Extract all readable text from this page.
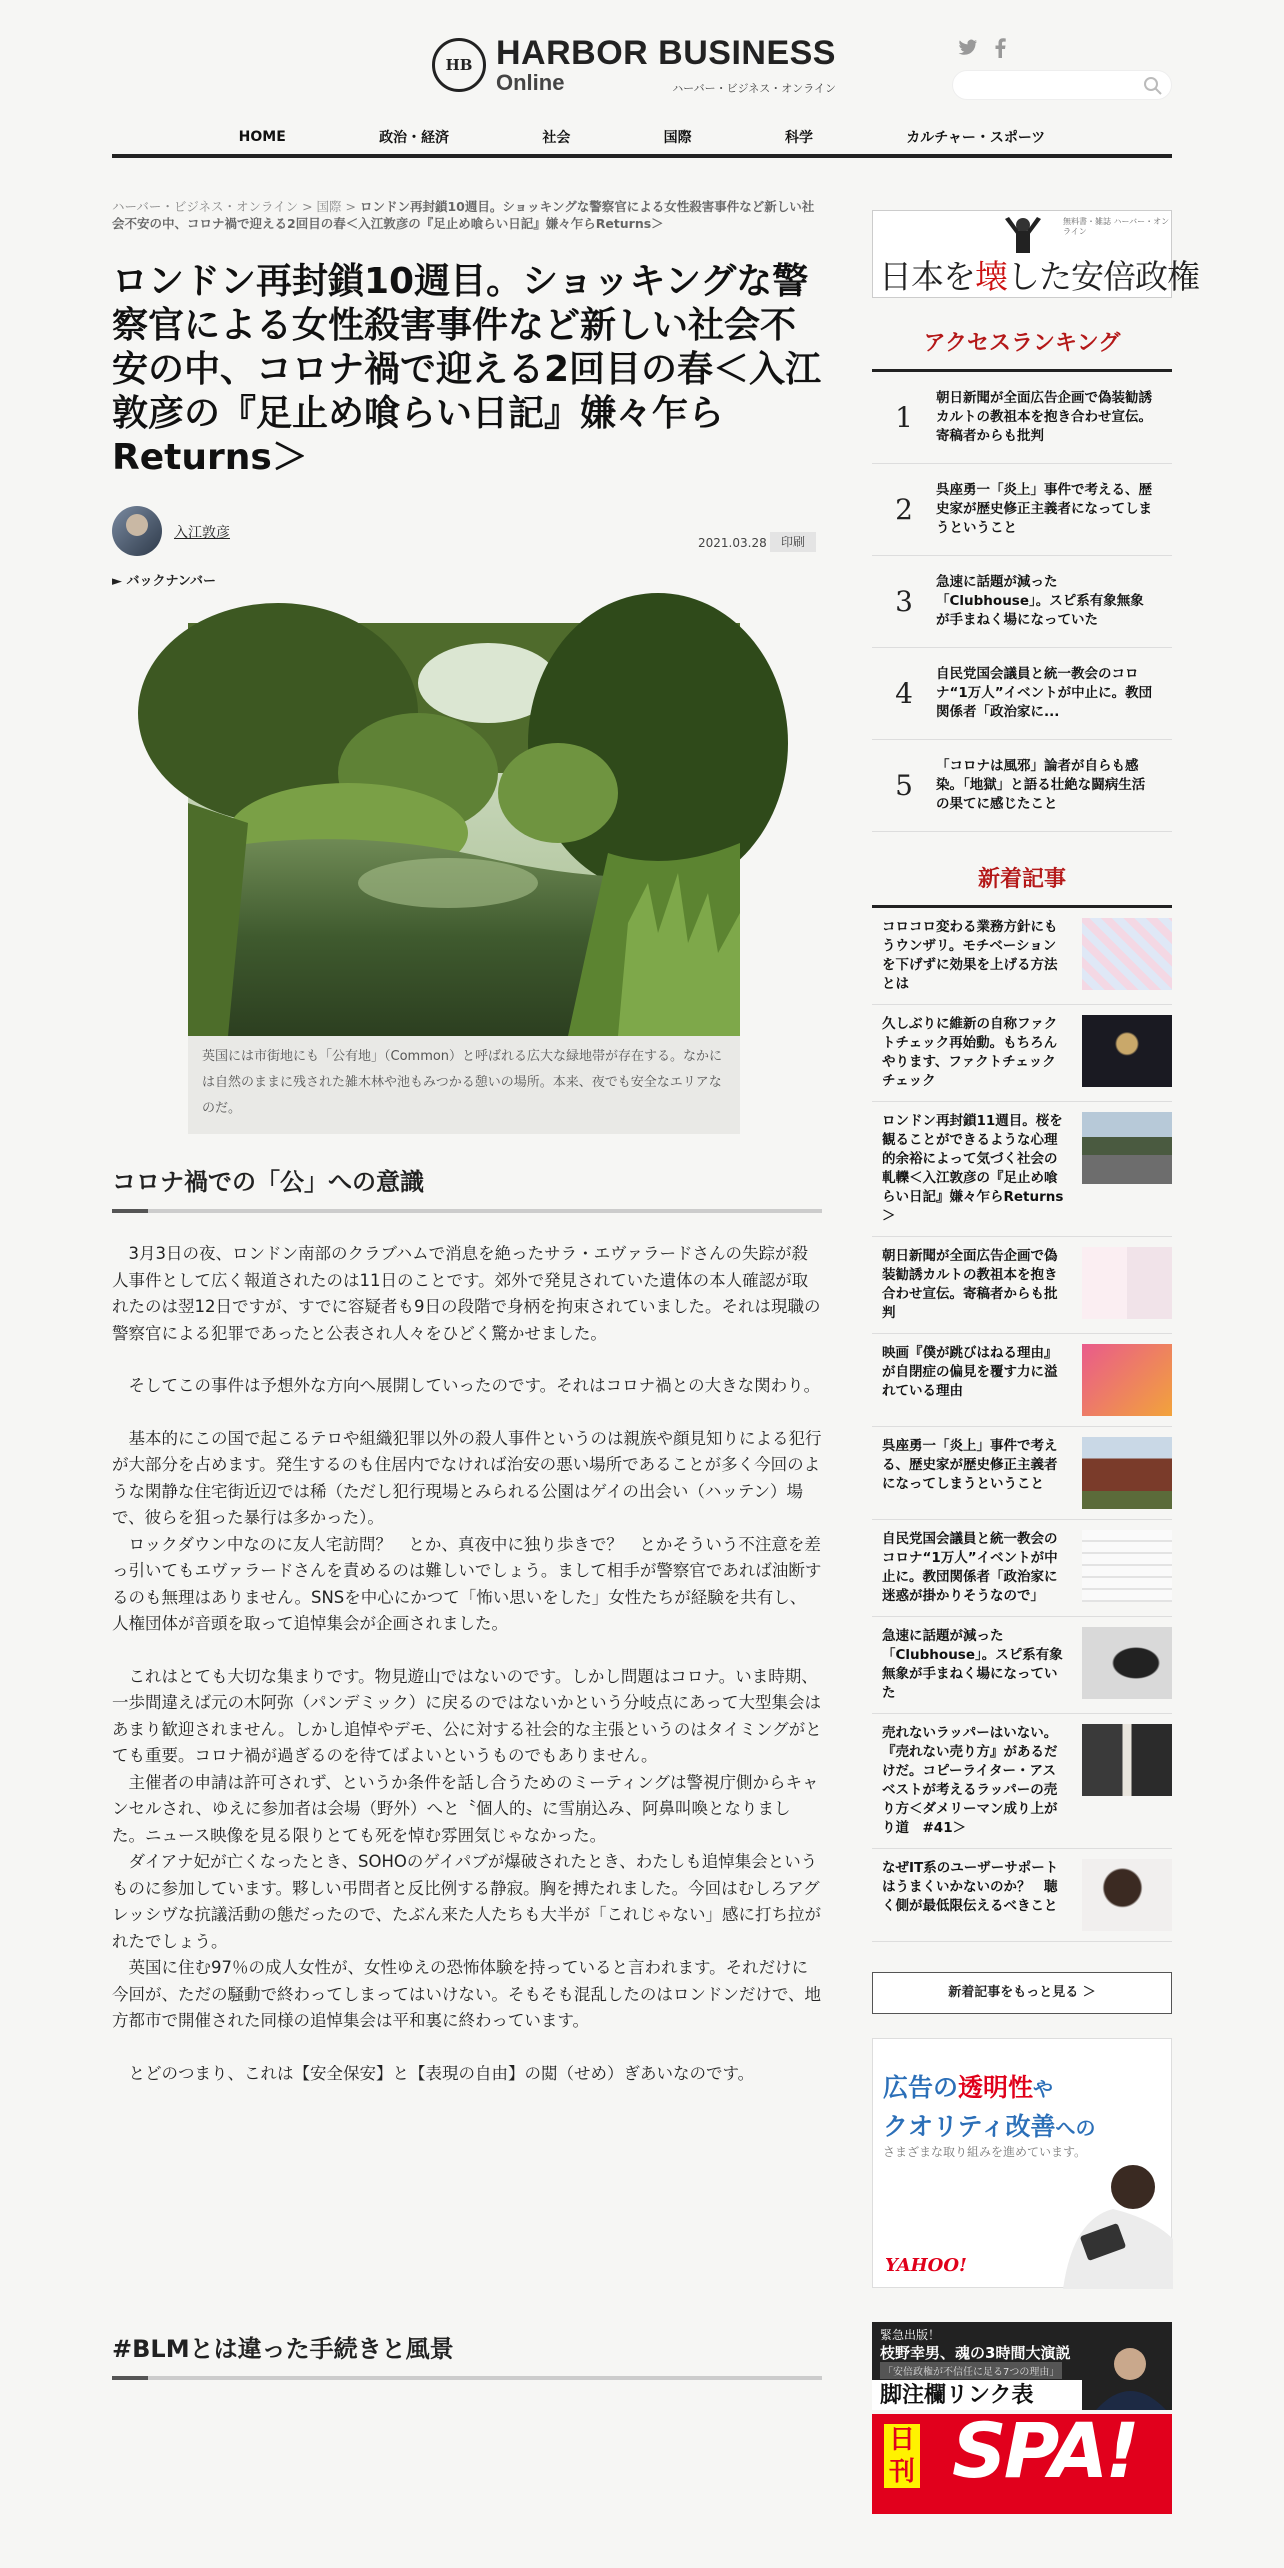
HB HARBOR BUSINESS
Online	ハーバー・ビジネス・オンライン
HOME	政治・経済	社会	国際	科学	カルチャー・スポーツ
ハーバー・ビジネス・オンライン > 国際 > ロンドン再封鎖10週目。ショッキングな警察官による女性殺害事件など新しい社会不安の中、コロナ禍で迎える2回目の春＜入江敦彦の『足止め喰らい日記』嫌々乍らReturns＞
ロンドン再封鎖10週目。ショッキングな警察官による女性殺害事件など新しい社会不安の中、コロナ禍で迎える2回目の春＜入江敦彦の『足止め喰らい日記』嫌々乍らReturns＞
入江敦彦
2021.03.28	印刷
► バックナンバー
英国には市街地にも「公有地」（Common）と呼ばれる広大な緑地帯が存在する。なかには自然のままに残された雑木林や池もみつかる憩いの場所。本来、夜でも安全なエリアなのだ。
コロナ禍での「公」への意識

3月3日の夜、ロンドン南部のクラブハムで消息を絶ったサラ・エヴァラードさんの失踪が殺人事件として広く報道されたのは11日のことです。郊外で発見されていた遺体の本人確認が取れたのは翌12日ですが、すでに容疑者も9日の段階で身柄を拘束されていました。それは現職の警察官による犯罪であったと公表され人々をひどく驚かせました。

そしてこの事件は予想外な方向へ展開していったのです。それはコロナ禍との大きな関わり。

基本的にこの国で起こるテロや組織犯罪以外の殺人事件というのは親族や顔見知りによる犯行が大部分を占めます。発生するのも住居内でなければ治安の悪い場所であることが多く今回のような閑静な住宅街近辺では稀（ただし犯行現場とみられる公園はゲイの出会い（ハッテン）場で、彼らを狙った暴行は多かった）。

ロックダウン中なのに友人宅訪問？　とか、真夜中に独り歩きで？　とかそういう不注意を差っ引いてもエヴァラードさんを責めるのは難しいでしょう。まして相手が警察官であれば油断するのも無理はありません。SNSを中心にかつて「怖い思いをした」女性たちが経験を共有し、人権団体が音頭を取って追悼集会が企画されました。

これはとても大切な集まりです。物見遊山ではないのです。しかし問題はコロナ。いま時期、一歩間違えば元の木阿弥（パンデミック）に戻るのではないかという分岐点にあって大型集会はあまり歓迎されません。しかし追悼やデモ、公に対する社会的な主張というのはタイミングがとても重要。コロナ禍が過ぎるのを待てばよいというものでもありません。

主催者の申請は許可されず、というか条件を話し合うためのミーティングは警視庁側からキャンセルされ、ゆえに参加者は会場（野外）へと〝個人的〟に雪崩込み、阿鼻叫喚となりました。ニュース映像を見る限りとても死を悼む雰囲気じゃなかった。

ダイアナ妃が亡くなったとき、SOHOのゲイパブが爆破されたとき、わたしも追悼集会というものに参加しています。夥しい弔問者と反比例する静寂。胸を搏たれました。今回はむしろアグレッシヴな抗議活動の態だったので、たぶん来た人たちも大半が「これじゃない」感に打ち拉がれたでしょう。

英国に住む97％の成人女性が、女性ゆえの恐怖体験を持っていると言われます。それだけに今回が、ただの騒動で終わってしまってはいけない。そもそも混乱したのはロンドンだけで、地方都市で開催された同様の追悼集会は平和裏に終わっています。

とどのつまり、これは【安全保安】と【表現の自由】の閲（せめ）ぎあいなのです。

#BLMとは違った手続きと風景
無料書・雑誌 ハーバー・オンライン
日本を壊した安倍政権
アクセスランキング
1
朝日新聞が全面広告企画で偽装勧誘カルトの教祖本を抱き合わせ宣伝。寄稿者からも批判
2
呉座勇一「炎上」事件で考える、歴史家が歴史修正主義者になってしまうということ
3
急速に話題が減った「Clubhouse」。スピ系有象無象が手まねく場になっていた
4
自民党国会議員と統一教会のコロナ“1万人”イベントが中止に。教団関係者「政治家に...
5
「コロナは風邪」論者が自らも感染。「地獄」と語る壮絶な闘病生活の果てに感じたこと
新着記事
コロコロ変わる業務方針にもうウンザリ。モチベーションを下げずに効果を上げる方法とは
久しぶりに維新の自称ファクトチェック再始動。もちろんやります、ファクトチェックチェック
ロンドン再封鎖11週目。桜を観ることができるような心理的余裕によって気づく社会の軋轢＜入江敦彦の『足止め喰らい日記』嫌々乍らReturns＞
朝日新聞が全面広告企画で偽装勧誘カルトの教祖本を抱き合わせ宣伝。寄稿者からも批判
映画『僕が跳びはねる理由』が自閉症の偏見を覆す力に溢れている理由
呉座勇一「炎上」事件で考える、歴史家が歴史修正主義者になってしまうということ
自民党国会議員と統一教会のコロナ“1万人”イベントが中止に。教団関係者「政治家に迷惑が掛かりそうなので」
急速に話題が減った「Clubhouse」。スピ系有象無象が手まねく場になっていた
売れないラッパーはいない。『売れない売り方』があるだけだ。コピーライター・アスベストが考えるラッパーの売り方＜ダメリーマン成り上がり道　#41＞
なぜIT系のユーザーサポートはうまくいかないのか？　聴く側が最低限伝えるべきこと
新着記事をもっと見る ＞
広告の透明性や
クオリティ改善への
さまざまな取り組みを進めています。
YAHOO!
緊急出版！
枝野幸男、魂の3時間大演説
「安倍政権が不信任に足る7つの理由」
脚注欄リンク表
日刊 SPA!
